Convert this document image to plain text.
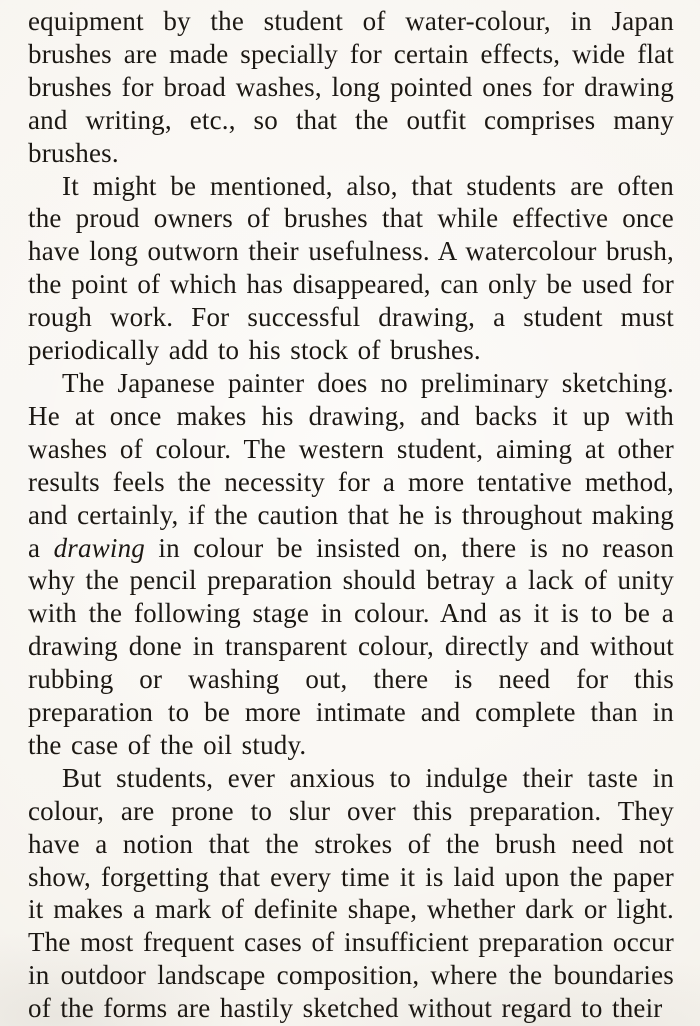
equipment by the student of water-colour, in Japan brushes are made specially for certain effects, wide flat brushes for broad washes, long pointed ones for drawing and writing, etc., so that the outfit comprises many brushes.

It might be mentioned, also, that students are often the proud owners of brushes that while effective once have long outworn their usefulness. A watercolour brush, the point of which has disappeared, can only be used for rough work. For successful drawing, a student must periodically add to his stock of brushes.

The Japanese painter does no preliminary sketching. He at once makes his drawing, and backs it up with washes of colour. The western student, aiming at other results feels the necessity for a more tentative method, and certainly, if the caution that he is throughout making a drawing in colour be insisted on, there is no reason why the pencil preparation should betray a lack of unity with the following stage in colour. And as it is to be a drawing done in transparent colour, directly and without rubbing or washing out, there is need for this preparation to be more intimate and complete than in the case of the oil study.

But students, ever anxious to indulge their taste in colour, are prone to slur over this preparation. They have a notion that the strokes of the brush need not show, forgetting that every time it is laid upon the paper it makes a mark of definite shape, whether dark or light. The most frequent cases of insufficient preparation occur in outdoor landscape composition, where the boundaries of the forms are hastily sketched without regard to their
